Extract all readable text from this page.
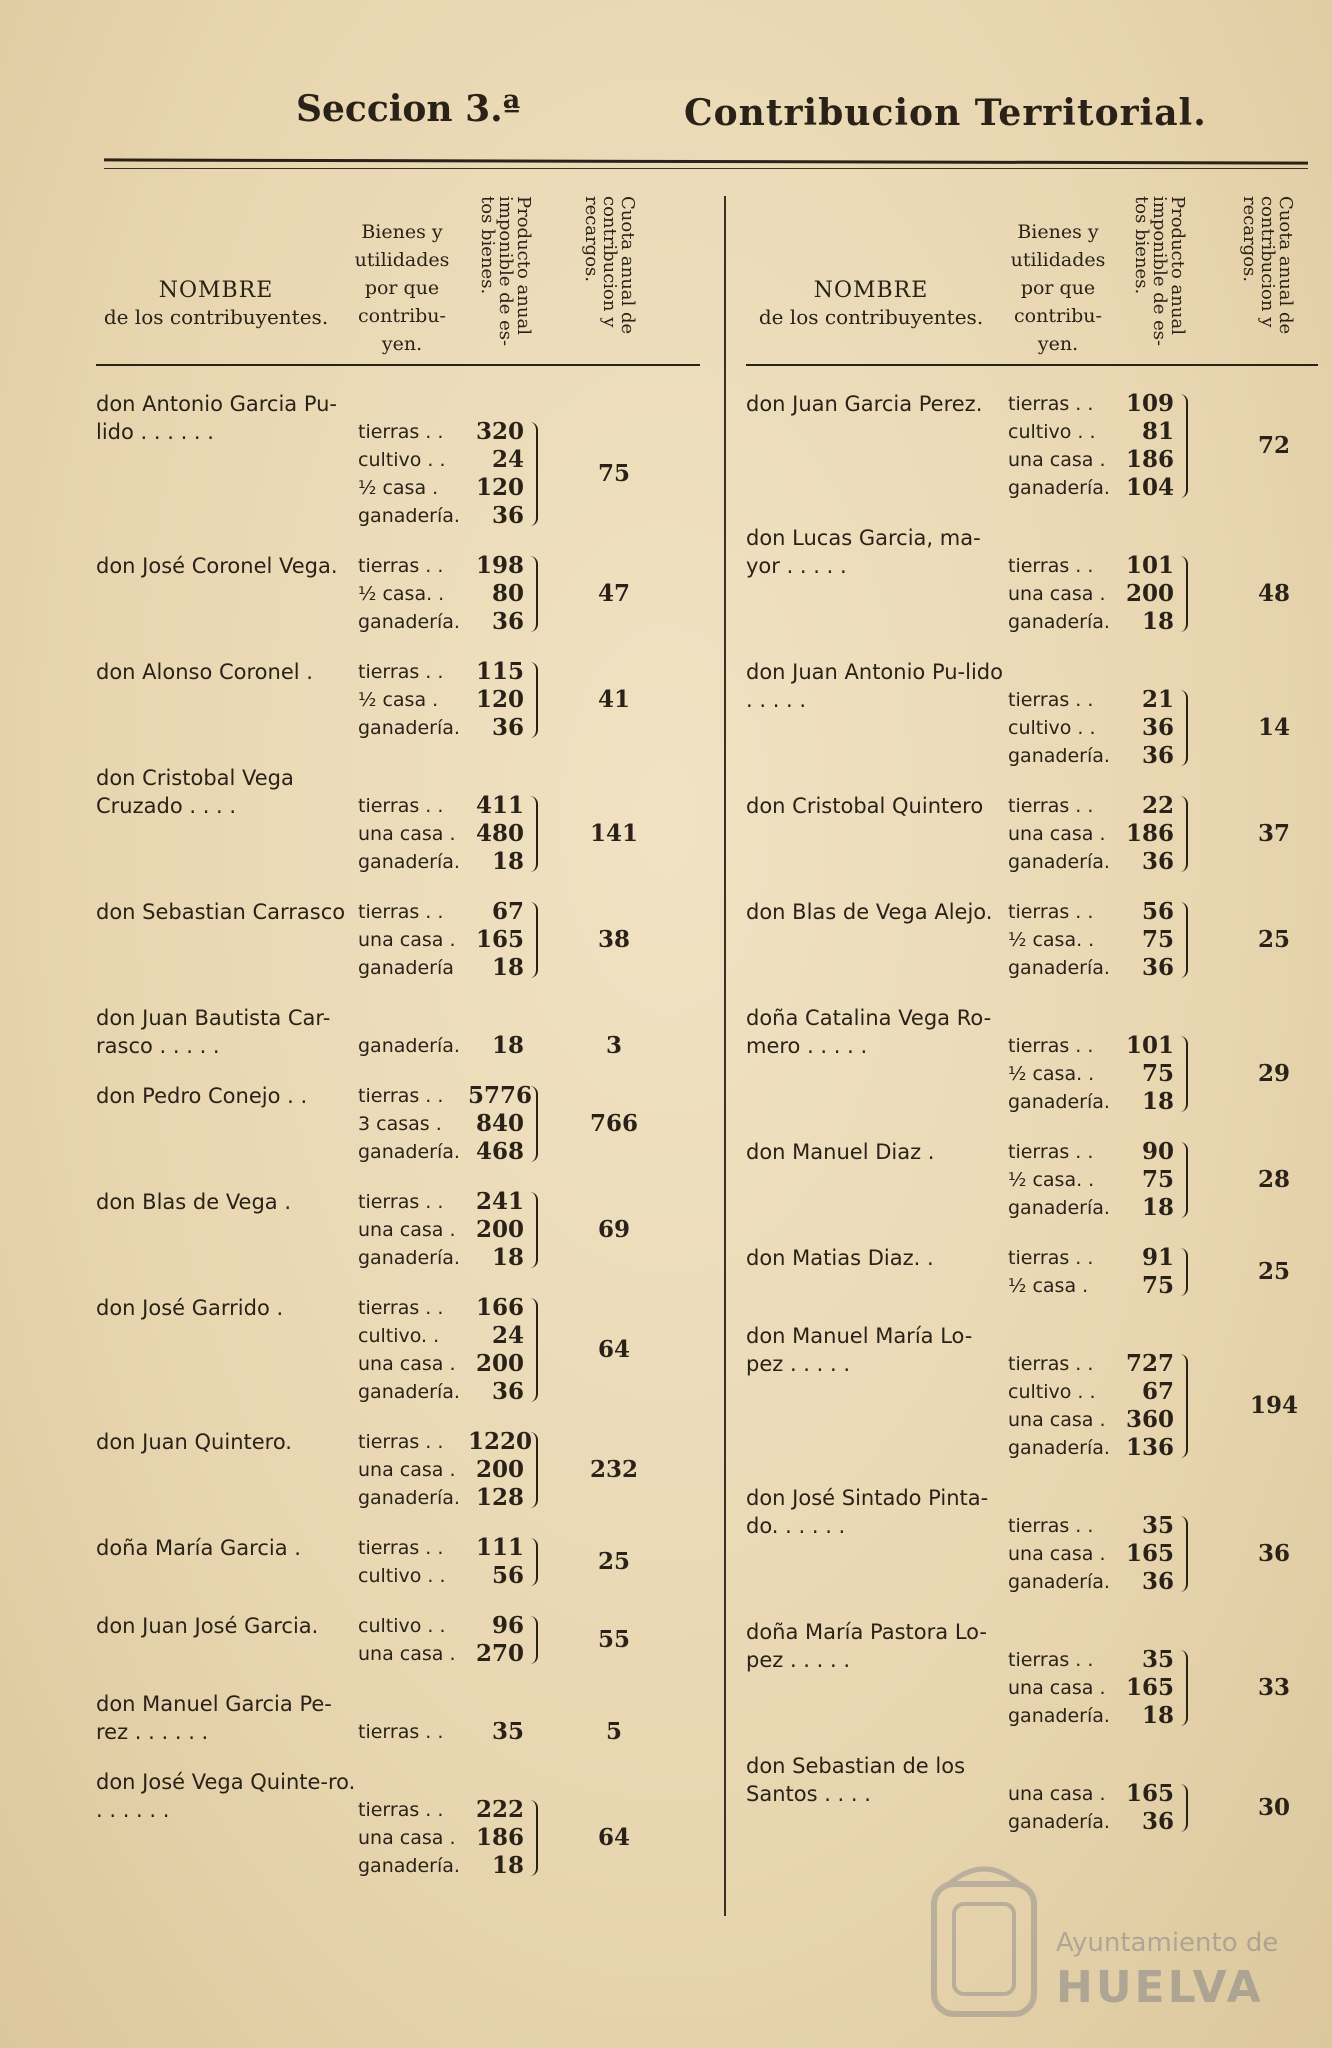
Seccion 3.ª	Contribucion Territorial.
NOMBRE
de los contribuyentes.
Bienes y utilidades por que contribu-yen.
Producto anual imponible de es-tos bienes.	Cuota anual de contribucion y recargos.
don Antonio Garcia Pu-lido . . . . . .	tierras . .	320
cultivo . .	24
½ casa .	120
ganadería.	36
75
don José Coronel Vega.	tierras . .	198
½ casa. .	80
ganadería.	36
47
don Alonso Coronel .	tierras . .	115
½ casa .	120
ganadería.	36
41
don Cristobal Vega Cruzado . . . .	tierras . .	411
una casa . 480
ganadería.	18
141
don Sebastian Carrasco tierras . .	67
una casa . 165
ganadería	18
38
don Juan Bautista Car-rasco . . . . .	ganadería.	18	3
don Pedro Conejo . .	tierras . .	5776
3 casas .	840
ganadería. 468
766
don Blas de Vega .	tierras . .	241
una casa . 200
ganadería.	18
69
don José Garrido .	tierras . .	166
cultivo. .	24
una casa . 200
ganadería.	36
64
don Juan Quintero.	tierras . .	1220
una casa . 200
ganadería. 128
232
doña María Garcia .	tierras . .	111
cultivo . .	56
25
don Juan José Garcia.	cultivo . .	96
una casa . 270
55
don Manuel Garcia Pe-rez . . . . . .	tierras . .	35	5
don José Vega Quinte-ro. . . . . . .	tierras . .	222
una casa . 186
ganadería.	18
64
NOMBRE
de los contribuyentes.
Bienes y utilidades por que contribu-yen.
Producto anual imponible de es-tos bienes.	Cuota anual de contribucion y recargos.
don Juan Garcia Perez.	tierras . .	109
cultivo . .	81
una casa . 186
ganadería. 104
72
don Lucas Garcia, ma-yor . . . . .	tierras . .	101
una casa . 200
ganadería.	18
48
don Juan Antonio Pu-lido . . . . .	tierras . .	21
cultivo . .	36
ganadería.	36
14
don Cristobal Quintero	tierras . .	22
una casa . 186
ganadería.	36
37
don Blas de Vega Alejo. tierras . .	56
½ casa. .	75
ganadería.	36
25
doña Catalina Vega Ro-mero . . . . .	tierras . .	101
½ casa. .	75
ganadería.	18
29
don Manuel Diaz .	tierras . .	90
½ casa. .	75
ganadería.	18
28
don Matias Diaz. .	tierras . .	91
½ casa .	75
25
don Manuel María Lo-pez . . . . .	tierras . .	727
cultivo . .	67
una casa . 360
ganadería. 136
194
don José Sintado Pinta-do. . . . . .	tierras . .	35
una casa . 165
ganadería.	36
36
doña María Pastora Lo-pez . . . . .	tierras . .	35
una casa . 165
ganadería.	18
33
don Sebastian de los Santos . . . .	una casa . 165
ganadería.	36
30
Ayuntamiento de
HUELVA
